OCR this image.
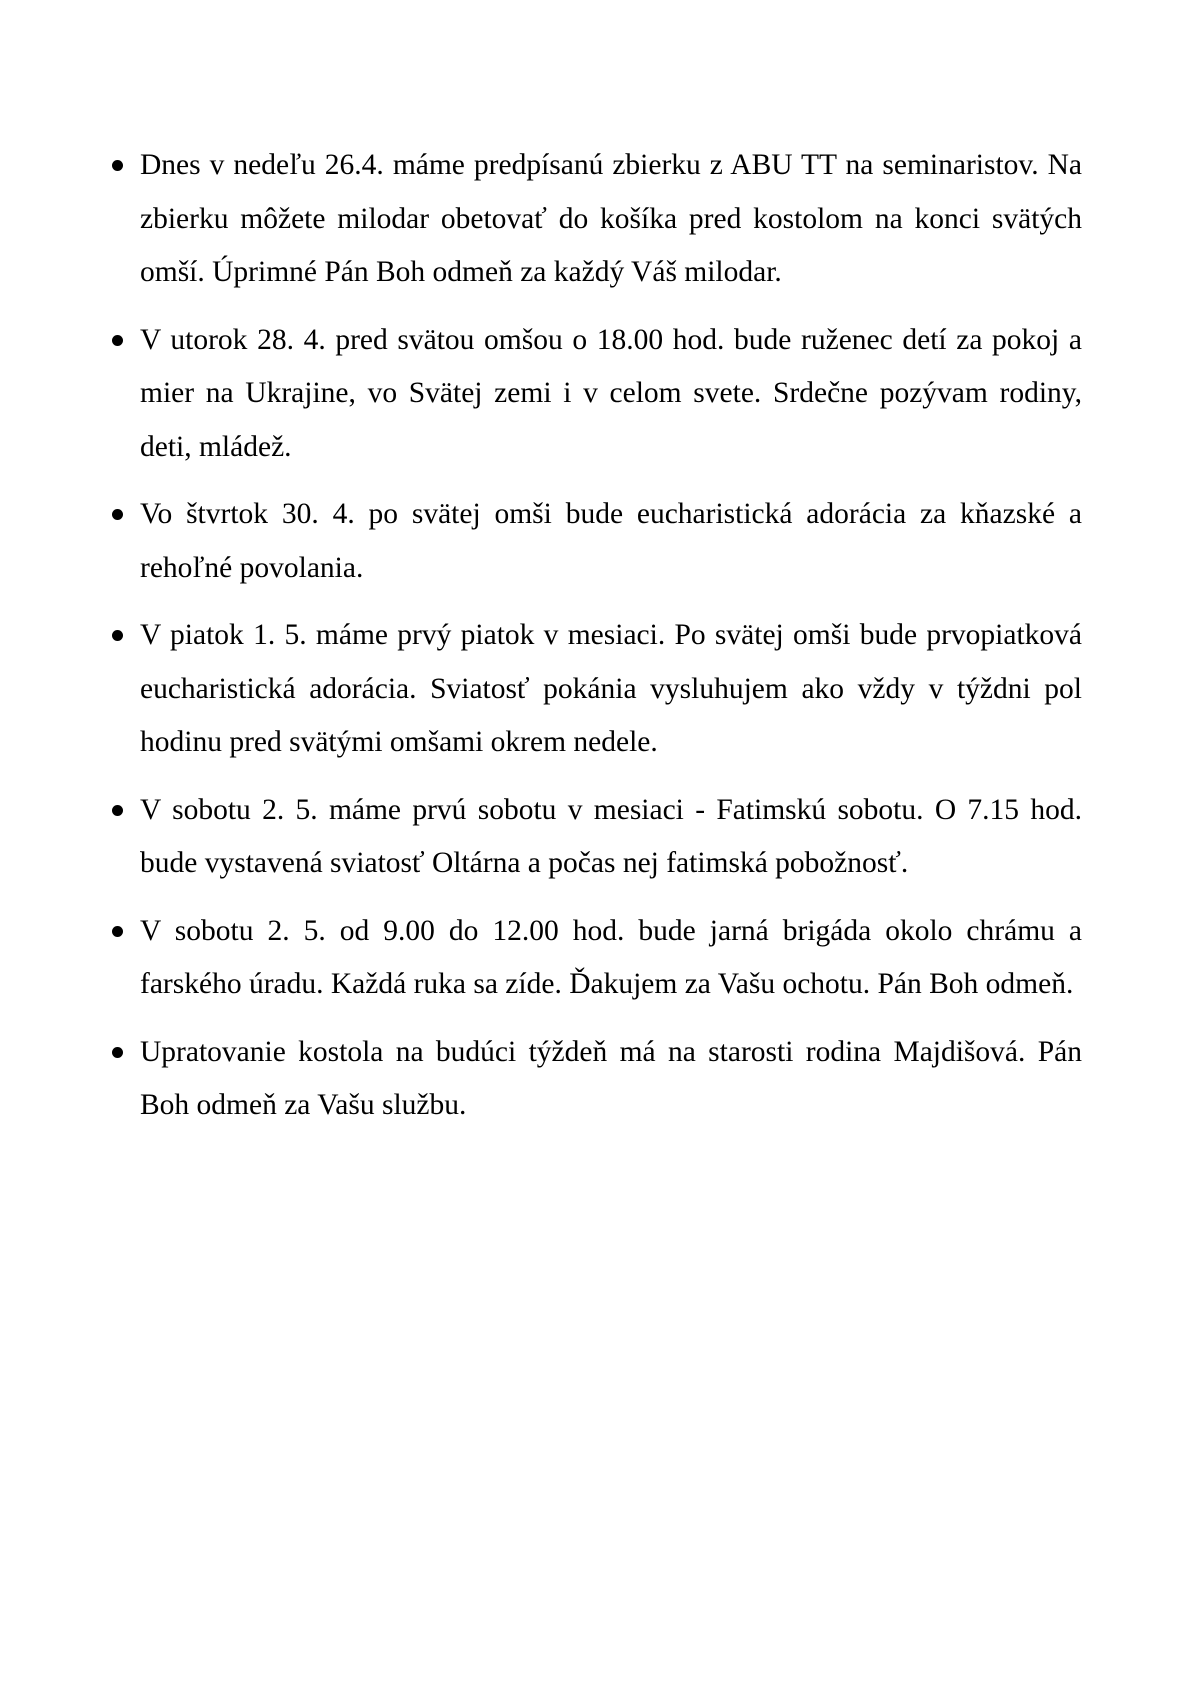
Dnes v nedeľu 26.4. máme predpísanú zbierku z ABU TT na seminaristov. Na zbierku môžete milodar obetovať do košíka pred kostolom na konci svätých omší. Úprimné Pán Boh odmeň za každý Váš milodar.
V utorok 28. 4. pred svätou omšou o 18.00 hod. bude ruženec detí za pokoj a mier na Ukrajine, vo Svätej zemi i v celom svete. Srdečne pozývam rodiny, deti, mládež.
Vo štvrtok 30. 4. po svätej omši bude eucharistická adorácia za kňazské a rehoľné povolania.
V piatok 1. 5. máme prvý piatok v mesiaci. Po svätej omši bude prvopiatková eucharistická adorácia. Sviatosť pokánia vysluhujem ako vždy v týždni pol hodinu pred svätými omšami okrem nedele.
V sobotu 2. 5. máme prvú sobotu v mesiaci - Fatimskú sobotu. O 7.15 hod. bude vystavená sviatosť Oltárna a počas nej fatimská pobožnosť.
V sobotu 2. 5. od 9.00 do 12.00 hod. bude jarná brigáda okolo chrámu a farského úradu. Každá ruka sa zíde. Ďakujem za Vašu ochotu. Pán Boh odmeň.
Upratovanie kostola na budúci týždeň má na starosti rodina Majdišová. Pán Boh odmeň za Vašu službu.
